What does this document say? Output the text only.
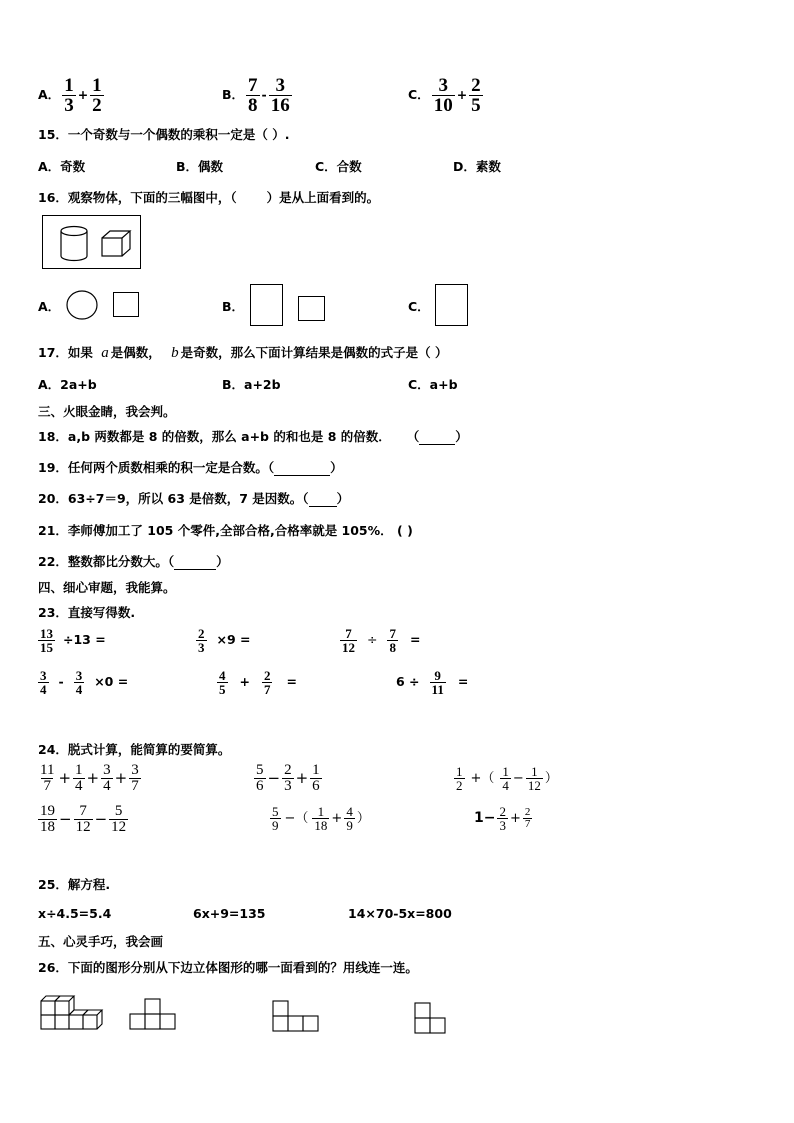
A． $\frac{1}{3} + \frac{1}{2}$	B． $\frac{7}{8} - \frac{3}{16}$	C． $\frac{3}{10} + \frac{2}{5}$
15．一个奇数与一个偶数的乘积一定是（ ）.
A．奇数	B．偶数	C．合数	D．素数
16．观察物体，下面的三幅图中，（ ）是从上面看到的。
A．	B．	C．
17．如果 a 是偶数， b 是奇数，那么下面计算结果是偶数的式子是（ ）
A．2a+b	B．a+2b	C．a+b
三、火眼金睛，我会判。
18．a,b 两数都是 8 的倍数，那么 a+b 的和也是 8 的倍数． （	）
19．任何两个质数相乘的积一定是合数。（	）
20．63÷7＝9，所以 63 是倍数，7 是因数。（ ）
21．李师傅加工了 105 个零件,全部合格,合格率就是 105%． ( )
22．整数都比分数大。（	）
四、细心审题，我能算。
23．直接写得数.
$\frac{13}{15} \div 13$ =	$\frac{2}{3} \times 9$ =	$\frac{7}{12} \div \frac{7}{8}$ =
$\frac{3}{4} - \frac{3}{4} \times 0$ =	$\frac{4}{5} + \frac{2}{7}$ =	$6 \div \frac{9}{11}$ =
24．脱式计算，能简算的要简算。
$\frac{11}{7} + \frac{1}{4} + \frac{3}{4} + \frac{3}{7}$	$\frac{5}{6} - \frac{2}{3} + \frac{1}{6}$	$\frac{1}{2}$ +（ $\frac{1}{4} - \frac{1}{12}$ ）
$\frac{19}{18} - \frac{7}{12} - \frac{5}{12}$	$\frac{5}{9}$ −（ $\frac{1}{18} + \frac{4}{9}$ ）	$1- \frac{2}{3} + \frac{2}{7}$
25．解方程.
x÷4.5=5.4	6x+9=135	14×70-5x=800
五、心灵手巧，我会画
26．下面的图形分别从下边立体图形的哪一面看到的？用线连一连。
